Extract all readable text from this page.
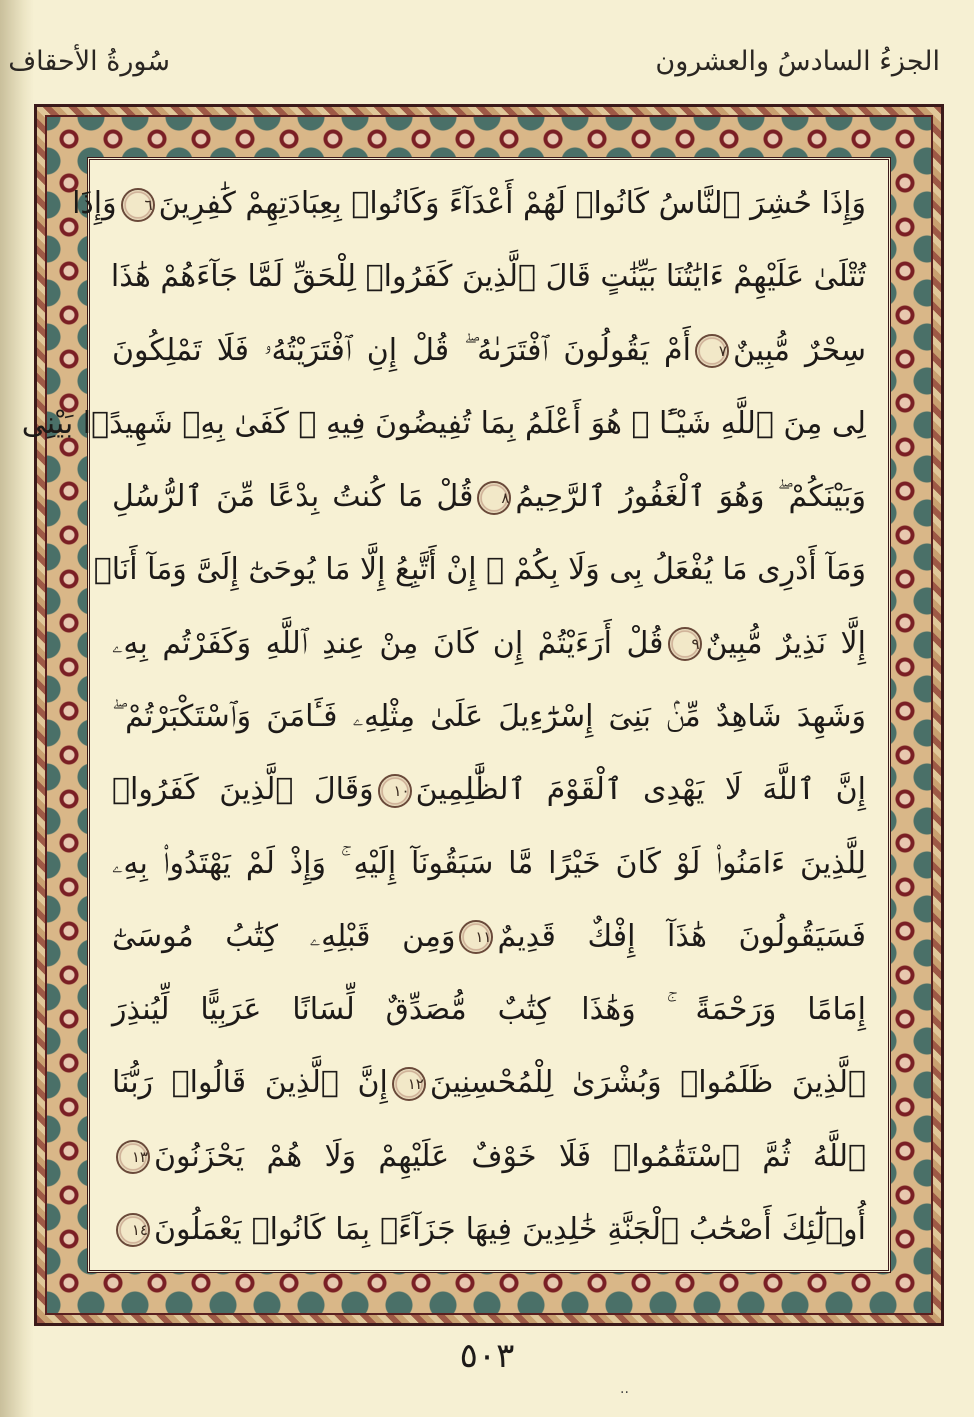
الجزءُ السادسُ والعشرون
سُورةُ الأحقاف
وَإِذَا حُشِرَ ٱلنَّاسُ كَانُوا۟ لَهُمْ أَعْدَآءً وَكَانُوا۟ بِعِبَادَتِهِمْ كَٰفِرِينَ٦وَإِذَا
تُتْلَىٰ عَلَيْهِمْ ءَايَٰتُنَا بَيِّنَٰتٍ قَالَ ٱلَّذِينَ كَفَرُوا۟ لِلْحَقِّ لَمَّا جَآءَهُمْ هَٰذَا
سِحْرٌ مُّبِينٌ٧أَمْ يَقُولُونَ ٱفْتَرَىٰهُ ۖ قُلْ إِنِ ٱفْتَرَيْتُهُۥ فَلَا تَمْلِكُونَ
لِى مِنَ ٱللَّهِ شَيْـًٔا ۖ هُوَ أَعْلَمُ بِمَا تُفِيضُونَ فِيهِ ۖ كَفَىٰ بِهِۦ شَهِيدًۢا بَيْنِى
وَبَيْنَكُمْ ۖ وَهُوَ ٱلْغَفُورُ ٱلرَّحِيمُ٨قُلْ مَا كُنتُ بِدْعًا مِّنَ ٱلرُّسُلِ
وَمَآ أَدْرِى مَا يُفْعَلُ بِى وَلَا بِكُمْ ۖ إِنْ أَتَّبِعُ إِلَّا مَا يُوحَىٰٓ إِلَىَّ وَمَآ أَنَا۠
إِلَّا نَذِيرٌ مُّبِينٌ٩قُلْ أَرَءَيْتُمْ إِن كَانَ مِنْ عِندِ ٱللَّهِ وَكَفَرْتُم بِهِۦ
وَشَهِدَ شَاهِدٌ مِّنۢ بَنِىٓ إِسْرَٰٓءِيلَ عَلَىٰ مِثْلِهِۦ فَـَٔامَنَ وَٱسْتَكْبَرْتُمْ ۖ
إِنَّ ٱللَّهَ لَا يَهْدِى ٱلْقَوْمَ ٱلظَّٰلِمِينَ١٠وَقَالَ ٱلَّذِينَ كَفَرُوا۟
لِلَّذِينَ ءَامَنُوا۟ لَوْ كَانَ خَيْرًا مَّا سَبَقُونَآ إِلَيْهِ ۚ وَإِذْ لَمْ يَهْتَدُوا۟ بِهِۦ
فَسَيَقُولُونَ هَٰذَآ إِفْكٌ قَدِيمٌ١١وَمِن قَبْلِهِۦ كِتَٰبُ مُوسَىٰٓ
إِمَامًا وَرَحْمَةً ۚ وَهَٰذَا كِتَٰبٌ مُّصَدِّقٌ لِّسَانًا عَرَبِيًّا لِّيُنذِرَ
ٱلَّذِينَ ظَلَمُوا۟ وَبُشْرَىٰ لِلْمُحْسِنِينَ١٢إِنَّ ٱلَّذِينَ قَالُوا۟ رَبُّنَا
ٱللَّهُ ثُمَّ ٱسْتَقَٰمُوا۟ فَلَا خَوْفٌ عَلَيْهِمْ وَلَا هُمْ يَحْزَنُونَ١٣
أُو۟لَٰٓئِكَ أَصْحَٰبُ ٱلْجَنَّةِ خَٰلِدِينَ فِيهَا جَزَآءًۢ بِمَا كَانُوا۟ يَعْمَلُونَ١٤
٥٠٣
··
